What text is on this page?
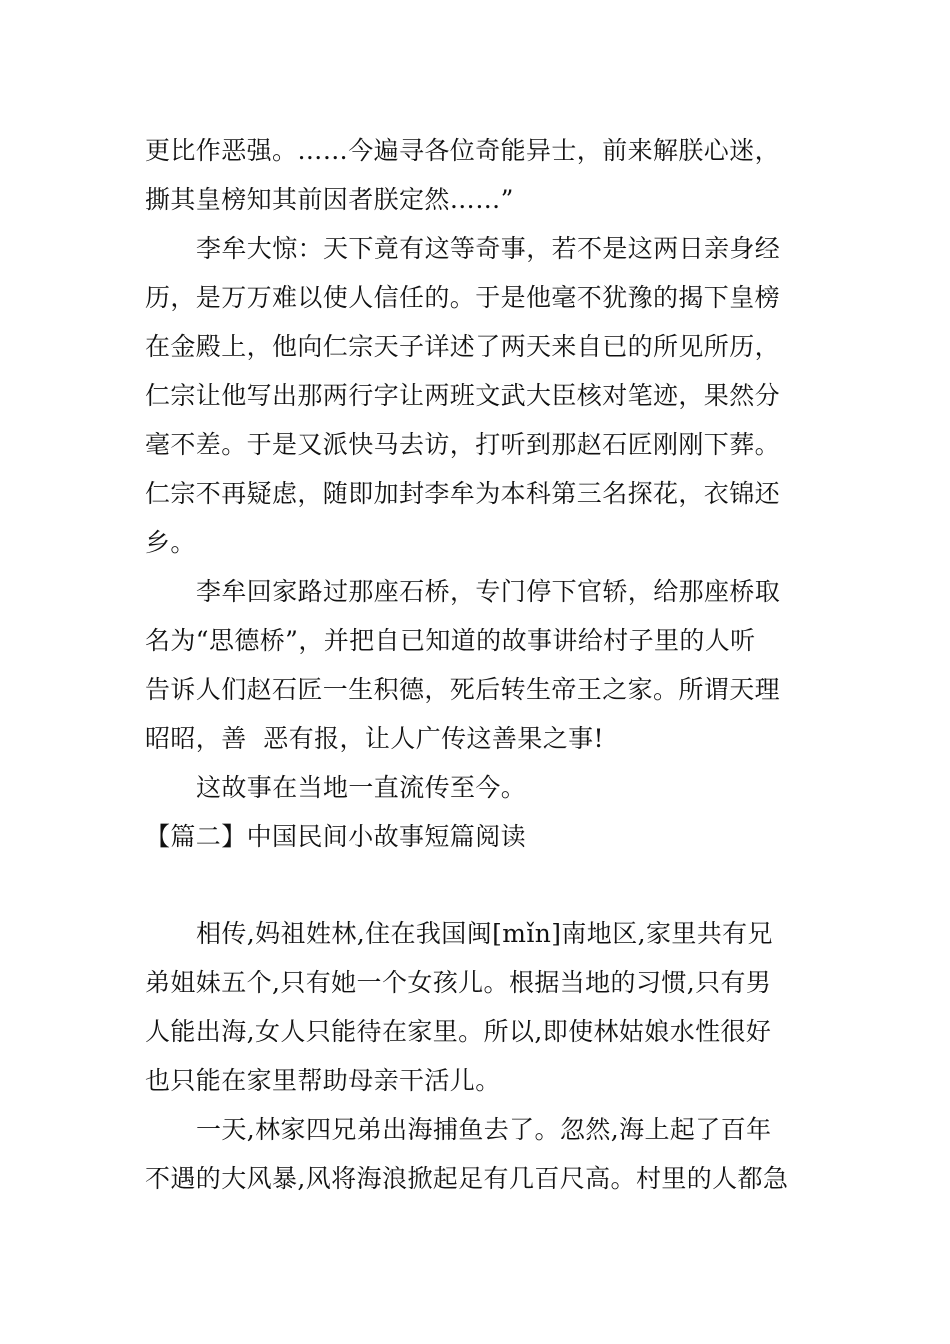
更比作恶强。……今遍寻各位奇能异士，前来解朕心迷，
撕其皇榜知其前因者朕定然……”
李牟大惊：天下竟有这等奇事，若不是这两日亲身经
历，是万万难以使人信任的。于是他毫不犹豫的揭下皇榜
在金殿上，他向仁宗天子详述了两天来自已的所见所历，
仁宗让他写出那两行字让两班文武大臣核对笔迹，果然分
毫不差。于是又派快马去访，打听到那赵石匠刚刚下葬。
仁宗不再疑虑，随即加封李牟为本科第三名探花，衣锦还
乡。
李牟回家路过那座石桥，专门停下官轿，给那座桥取
名为“思德桥”，并把自已知道的故事讲给村子里的人听
告诉人们赵石匠一生积德，死后转生帝王之家。所谓天理
昭昭，善  恶有报，让人广传这善果之事!
这故事在当地一直流传至今。
【篇二】中国民间小故事短篇阅读
相传,妈祖姓林,住在我国闽[mǐn]南地区,家里共有兄
弟姐妹五个,只有她一个女孩儿。根据当地的习惯,只有男
人能出海,女人只能待在家里。所以,即使林姑娘水性很好
也只能在家里帮助母亲干活儿。
一天,林家四兄弟出海捕鱼去了。忽然,海上起了百年
不遇的大风暴,风将海浪掀起足有几百尺高。村里的人都急
